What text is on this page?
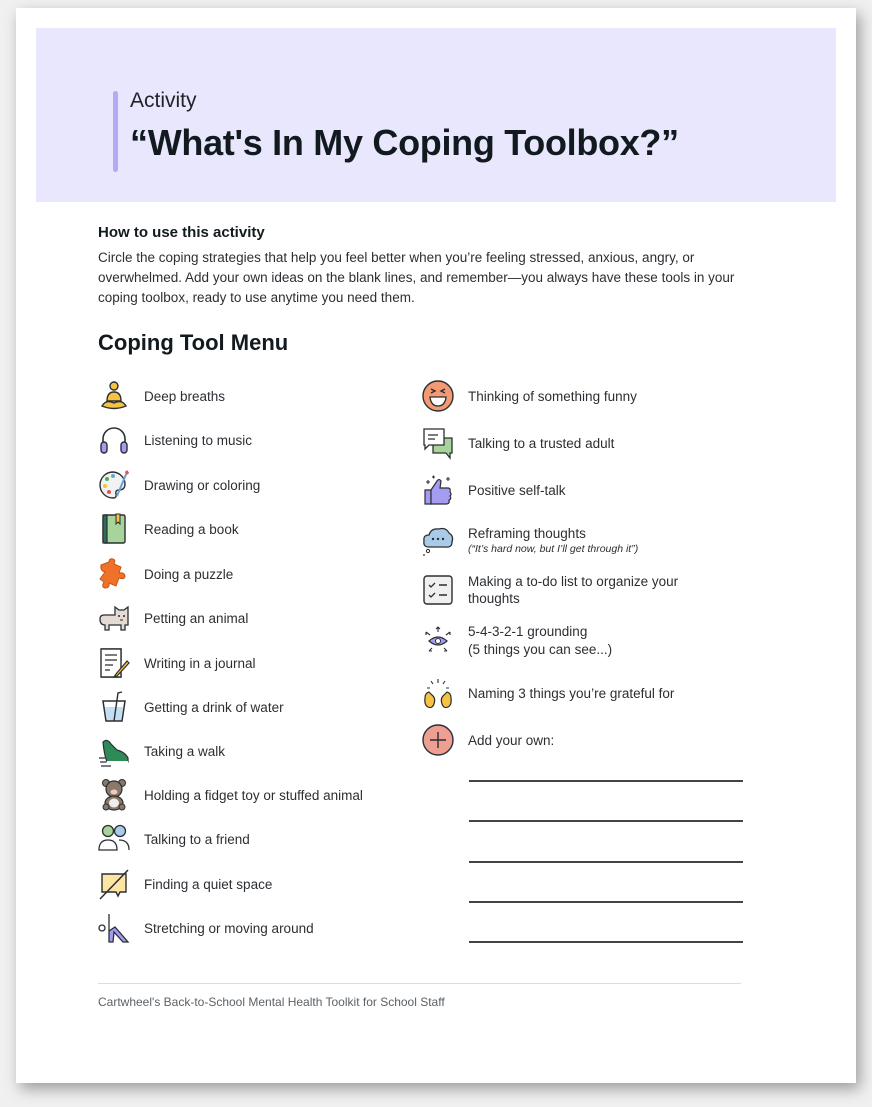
Activity
“What's In My Coping Toolbox?”
How to use this activity
Circle the coping strategies that help you feel better when you’re feeling stressed, anxious, angry, or overwhelmed. Add your own ideas on the blank lines, and remember—you always have these tools in your coping toolbox, ready to use anytime you need them.
Coping Tool Menu
Deep breaths
Listening to music
Drawing or coloring
Reading a book
Doing a puzzle
Petting an animal
Writing in a journal
Getting a drink of water
Taking a walk
Holding a fidget toy or stuffed animal
Talking to a friend
Finding a quiet space
Stretching or moving around
Thinking of something funny
Talking to a trusted adult
Positive self-talk
Reframing thoughts
(“It’s hard now, but I’ll get through it”)
Making a to-do list to organize your thoughts
5-4-3-2-1 grounding
(5 things you can see...)
Naming 3 things you’re grateful for
Add your own:
Cartwheel's Back-to-School Mental Health Toolkit for School Staff
